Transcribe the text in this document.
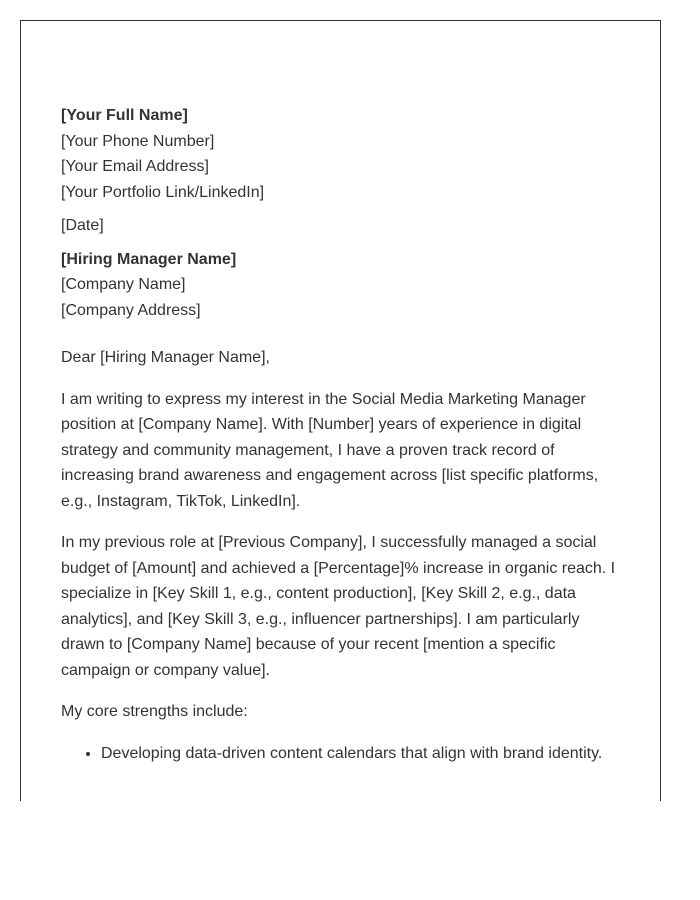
[Your Full Name]
[Your Phone Number]
[Your Email Address]
[Your Portfolio Link/LinkedIn]
[Date]
[Hiring Manager Name]
[Company Name]
[Company Address]
Dear [Hiring Manager Name],

I am writing to express my interest in the Social Media Marketing Manager position at [Company Name]. With [Number] years of experience in digital strategy and community management, I have a proven track record of increasing brand awareness and engagement across [list specific platforms, e.g., Instagram, TikTok, LinkedIn].

In my previous role at [Previous Company], I successfully managed a social budget of [Amount] and achieved a [Percentage]% increase in organic reach. I specialize in [Key Skill 1, e.g., content production], [Key Skill 2, e.g., data analytics], and [Key Skill 3, e.g., influencer partnerships]. I am particularly drawn to [Company Name] because of your recent [mention a specific campaign or company value].

My core strengths include:

• Developing data-driven content calendars that align with brand identity.
